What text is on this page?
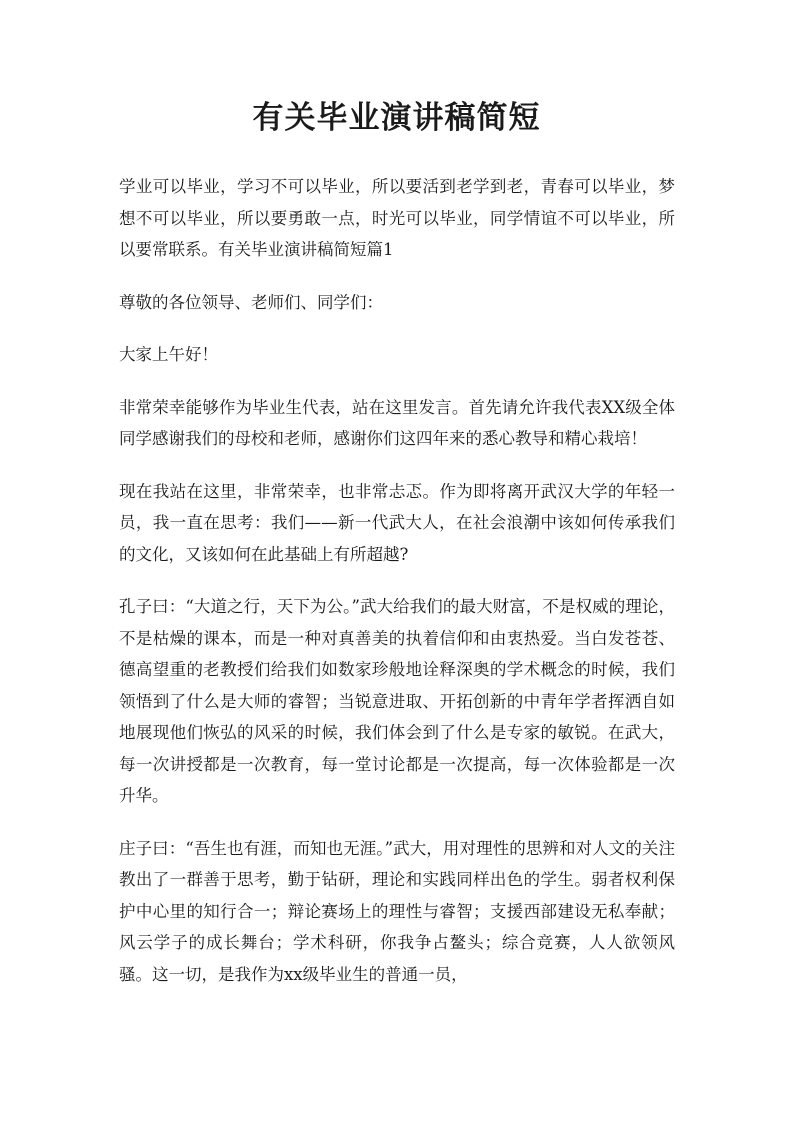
有关毕业演讲稿简短

学业可以毕业，学习不可以毕业，所以要活到老学到老，青春可以毕业，梦想不可以毕业，所以要勇敢一点，时光可以毕业，同学情谊不可以毕业，所以要常联系。有关毕业演讲稿简短篇1

尊敬的各位领导、老师们、同学们：

大家上午好！

非常荣幸能够作为毕业生代表，站在这里发言。首先请允许我代表XX级全体同学感谢我们的母校和老师，感谢你们这四年来的悉心教导和精心栽培！

现在我站在这里，非常荣幸，也非常忐忑。作为即将离开武汉大学的年轻一员，我一直在思考：我们——新一代武大人，在社会浪潮中该如何传承我们的文化，又该如何在此基础上有所超越?

孔子曰：“大道之行，天下为公。”武大给我们的最大财富，不是权威的理论，不是枯燥的课本，而是一种对真善美的执着信仰和由衷热爱。当白发苍苍、德高望重的老教授们给我们如数家珍般地诠释深奥的学术概念的时候，我们领悟到了什么是大师的睿智；当锐意进取、开拓创新的中青年学者挥洒自如地展现他们恢弘的风采的时候，我们体会到了什么是专家的敏锐。在武大，每一次讲授都是一次教育，每一堂讨论都是一次提高，每一次体验都是一次升华。

庄子曰：“吾生也有涯，而知也无涯。”武大，用对理性的思辨和对人文的关注教出了一群善于思考，勤于钻研，理论和实践同样出色的学生。弱者权利保护中心里的知行合一；辩论赛场上的理性与睿智；支援西部建设无私奉献；风云学子的成长舞台；学术科研，你我争占鳌头；综合竞赛，人人欲领风骚。这一切，是我作为xx级毕业生的普通一员，
